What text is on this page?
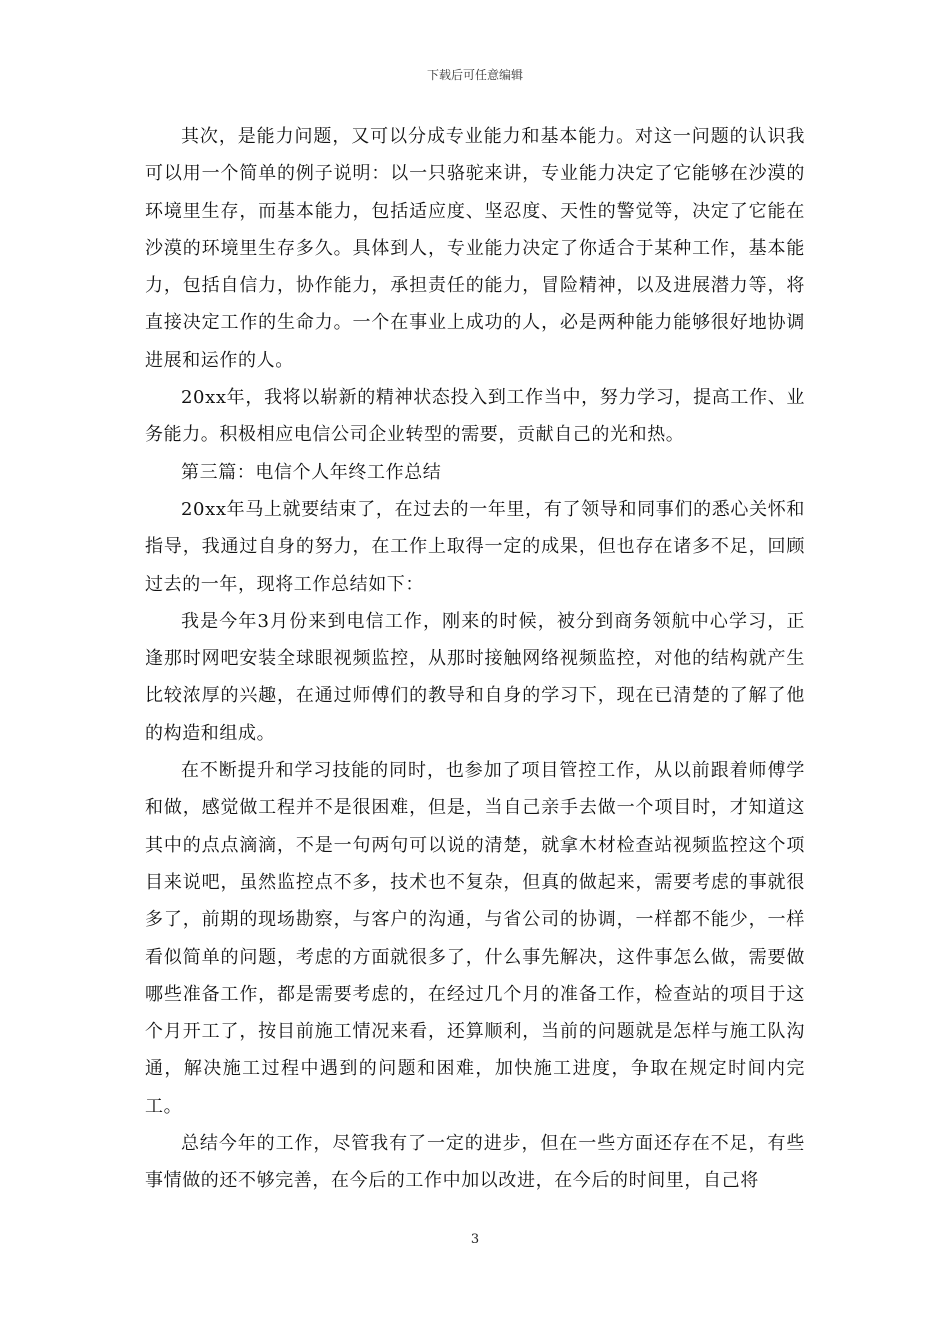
下载后可任意编辑

其次，是能力问题，又可以分成专业能力和基本能力。对这一问题的认识我可以用一个简单的例子说明：以一只骆驼来讲，专业能力决定了它能够在沙漠的环境里生存，而基本能力，包括适应度、坚忍度、天性的警觉等，决定了它能在沙漠的环境里生存多久。具体到人，专业能力决定了你适合于某种工作，基本能力，包括自信力，协作能力，承担责任的能力，冒险精神，以及进展潜力等，将直接决定工作的生命力。一个在事业上成功的人，必是两种能力能够很好地协调进展和运作的人。

20xx年，我将以崭新的精神状态投入到工作当中，努力学习，提高工作、业务能力。积极相应电信公司企业转型的需要，贡献自己的光和热。

第三篇：电信个人年终工作总结

20xx年马上就要结束了，在过去的一年里，有了领导和同事们的悉心关怀和指导，我通过自身的努力，在工作上取得一定的成果，但也存在诸多不足，回顾过去的一年，现将工作总结如下：

我是今年3月份来到电信工作，刚来的时候，被分到商务领航中心学习，正逢那时网吧安装全球眼视频监控，从那时接触网络视频监控，对他的结构就产生比较浓厚的兴趣，在通过师傅们的教导和自身的学习下，现在已清楚的了解了他的构造和组成。

在不断提升和学习技能的同时，也参加了项目管控工作，从以前跟着师傅学和做，感觉做工程并不是很困难，但是，当自己亲手去做一个项目时，才知道这其中的点点滴滴，不是一句两句可以说的清楚，就拿木材检查站视频监控这个项目来说吧，虽然监控点不多，技术也不复杂，但真的做起来，需要考虑的事就很多了，前期的现场勘察，与客户的沟通，与省公司的协调，一样都不能少，一样看似简单的问题，考虑的方面就很多了，什么事先解决，这件事怎么做，需要做哪些准备工作，都是需要考虑的，在经过几个月的准备工作，检查站的项目于这个月开工了，按目前施工情况来看，还算顺利，当前的问题就是怎样与施工队沟通，解决施工过程中遇到的问题和困难，加快施工进度，争取在规定时间内完工。

总结今年的工作，尽管我有了一定的进步，但在一些方面还存在不足，有些事情做的还不够完善，在今后的工作中加以改进，在今后的时间里，自己将

3
